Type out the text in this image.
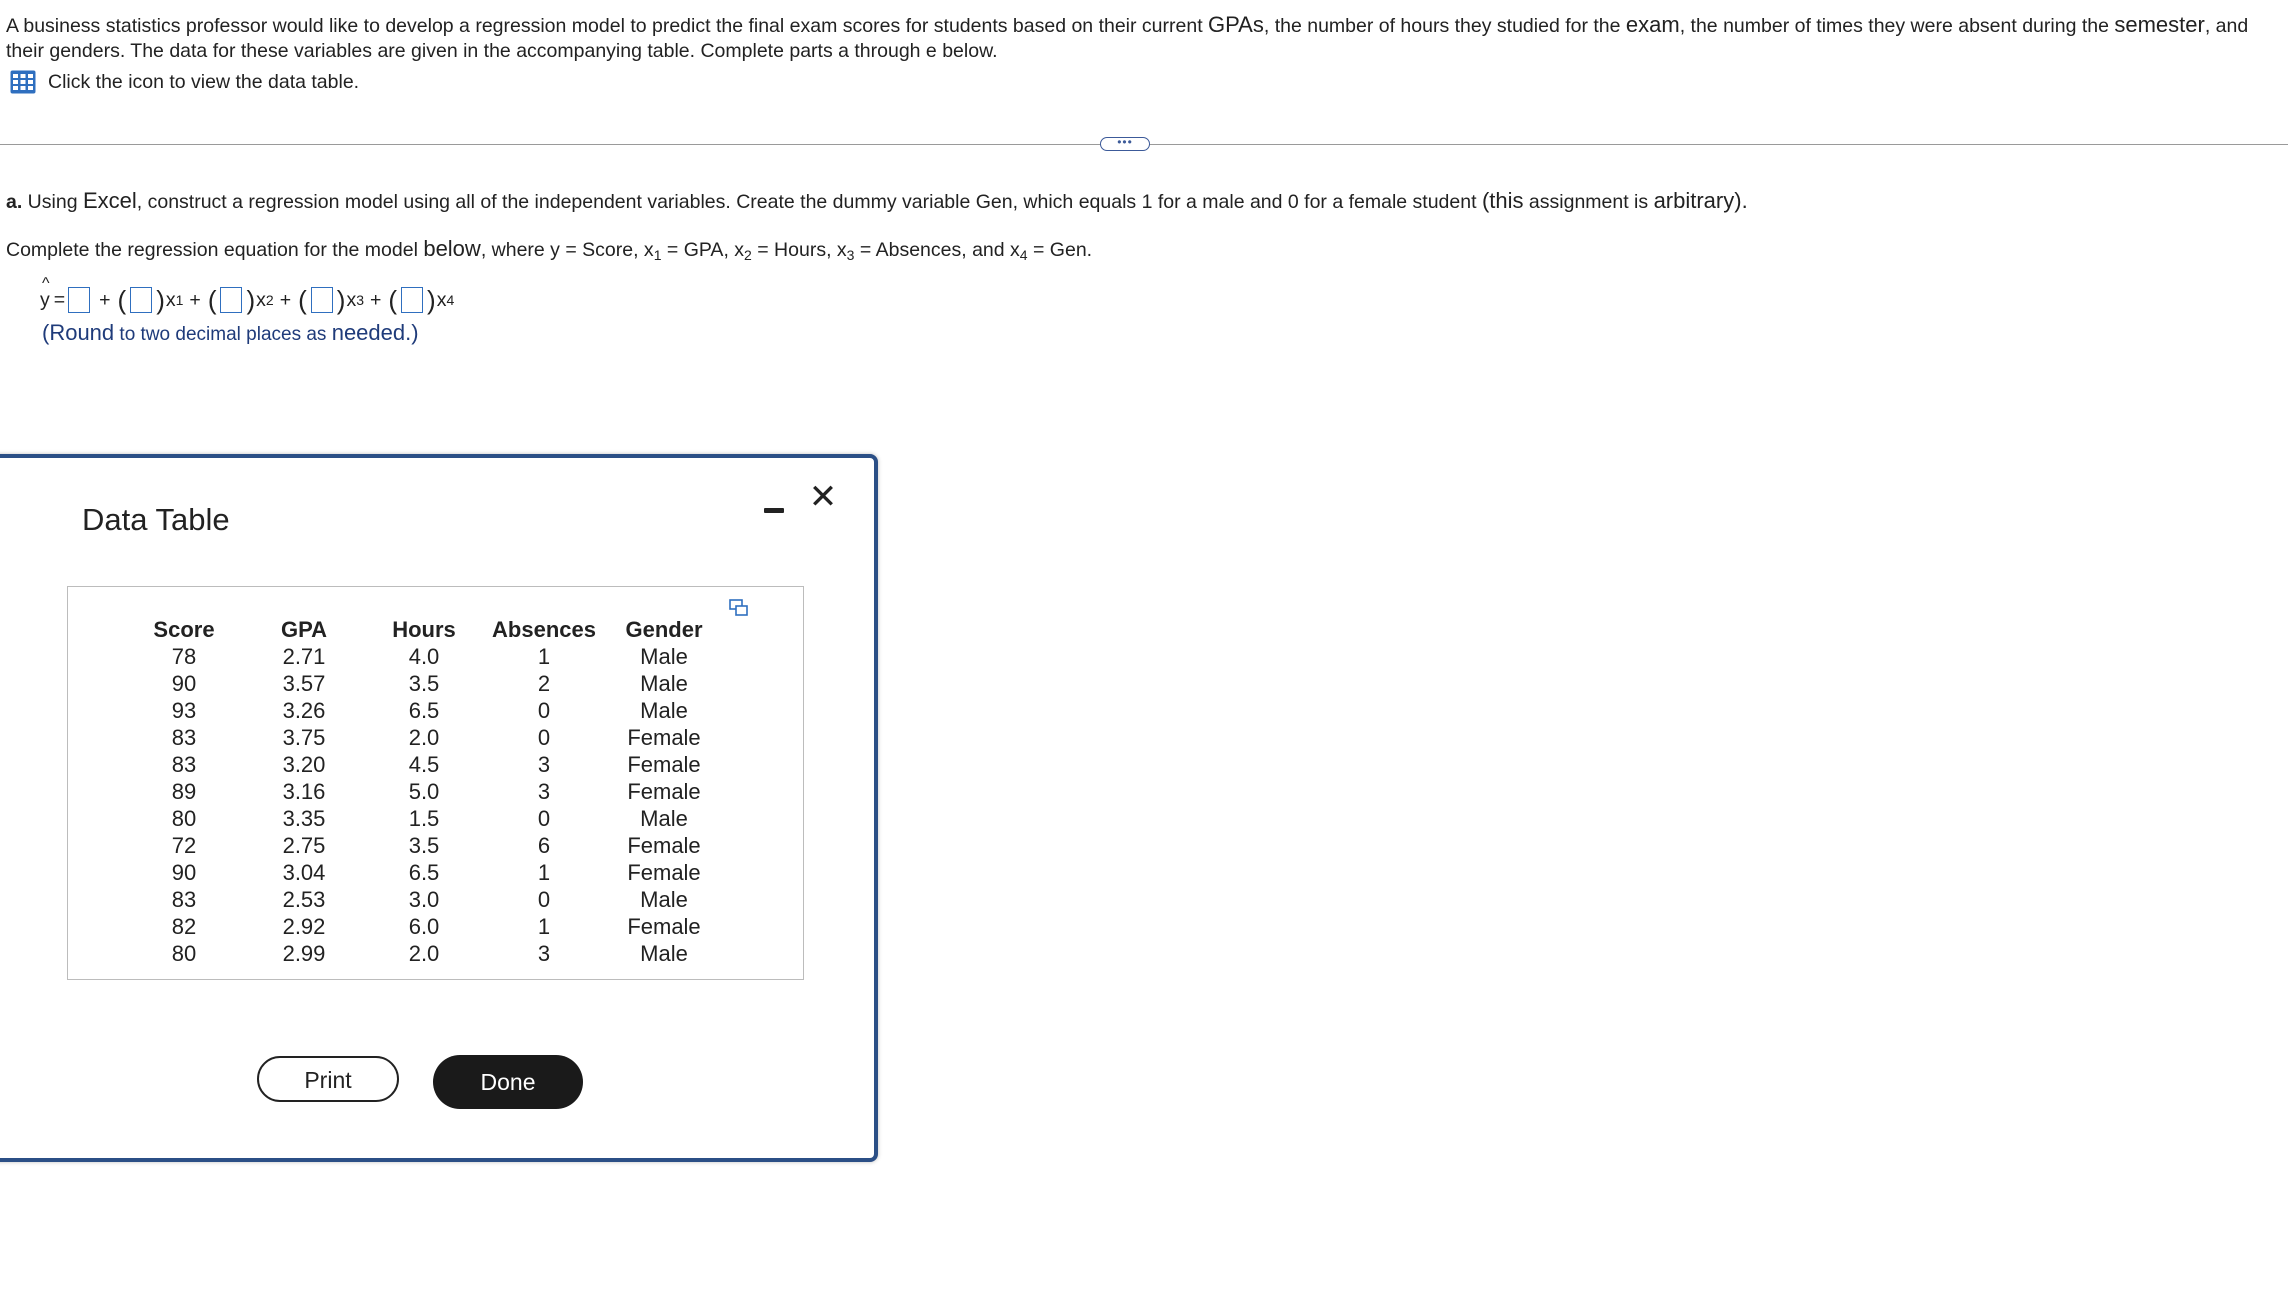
A business statistics professor would like to develop a regression model to predict the final exam scores for students based on their current GPAs, the number of hours they studied for the exam, the number of times they were absent during the semester, and their genders. The data for these variables are given in the accompanying table. Complete parts a through e below.
Click the icon to view the data table.
•••
a. Using Excel, construct a regression model using all of the independent variables. Create the dummy variable Gen, which equals 1 for a male and 0 for a female student (this assignment is arbitrary).
Complete the regression equation for the model below, where y = Score, $x_1$ = GPA, $x_2$ = Hours, $x_3$ = Absences, and $x_4$ = Gen.
^
y = + ( ) x 1 + ( ) x 2 + ( ) x 3 + ( ) x 4
(Round to two decimal places as needed.)
Data Table
✕
Score	GPA	Hours	Absences	Gender
78	2.71	4.0	1	Male
90	3.57	3.5	2	Male
93	3.26	6.5	0	Male
83	3.75	2.0	0	Female
83	3.20	4.5	3	Female
89	3.16	5.0	3	Female
80	3.35	1.5	0	Male
72	2.75	3.5	6	Female
90	3.04	6.5	1	Female
83	2.53	3.0	0	Male
82	2.92	6.0	1	Female
80	2.99	2.0	3	Male
Print	Done
